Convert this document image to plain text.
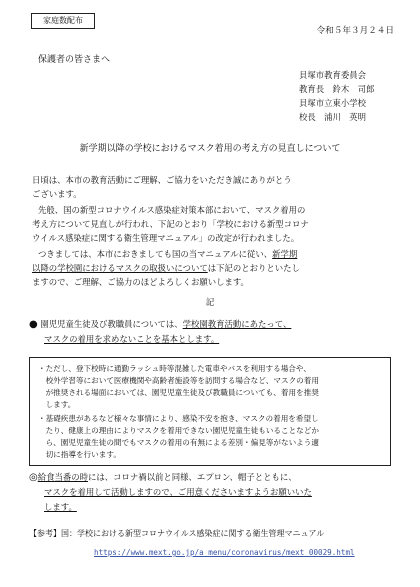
家庭数配布
令和５年３月２４日
保護者の皆さまへ
貝塚市教育委員会
教育長　鈴木　司郎
貝塚市立東小学校
校長　浦川　英明
新学期以降の学校におけるマスク着用の考え方の見直しについて
日頃は、本市の教育活動にご理解、ご協力をいただき誠にありがとう
ございます。
先般、国の新型コロナウイルス感染症対策本部において、マスク着用の
考え方について見直しが行われ、下記のとおり「学校における新型コロナ
ウイルス感染症に関する衛生管理マニュアル」の改定が行われました。
つきましては、本市におきましても国の当マニュアルに従い、新学期
以降の学校園におけるマスクの取扱いについては下記のとおりといたし
ますので、ご理解、ご協力のほどよろしくお願いします。
記
● 園児児童生徒及び教職員については、学校園教育活動にあたって、
マスクの着用を求めないことを基本とします。
・ただし、登下校時に通勤ラッシュ時等混雑した電車やバスを利用する場合や、
　校外学習等において医療機関や高齢者施設等を訪問する場合など、マスクの着用
　が推奨される場面においては、園児児童生徒及び教職員についても、着用を推奨
　します。
・基礎疾患があるなど様々な事情により、感染不安を抱き、マスクの着用を希望し
　たり、健康上の理由によりマスクを着用できない園児児童生徒もいることなどか
　ら、園児児童生徒の間でもマスクの着用の有無による差別・偏見等がないよう適
　切に指導を行います。
◎給食当番の時には、コロナ禍以前と同様、エプロン、帽子とともに、
マスクを着用して活動しますので、ご用意くださいますようお願いいた
します。
【参考】国：学校における新型コロナウイルス感染症に関する衛生管理マニュアル
https://www.mext.go.jp/a_menu/coronavirus/mext_00029.html
